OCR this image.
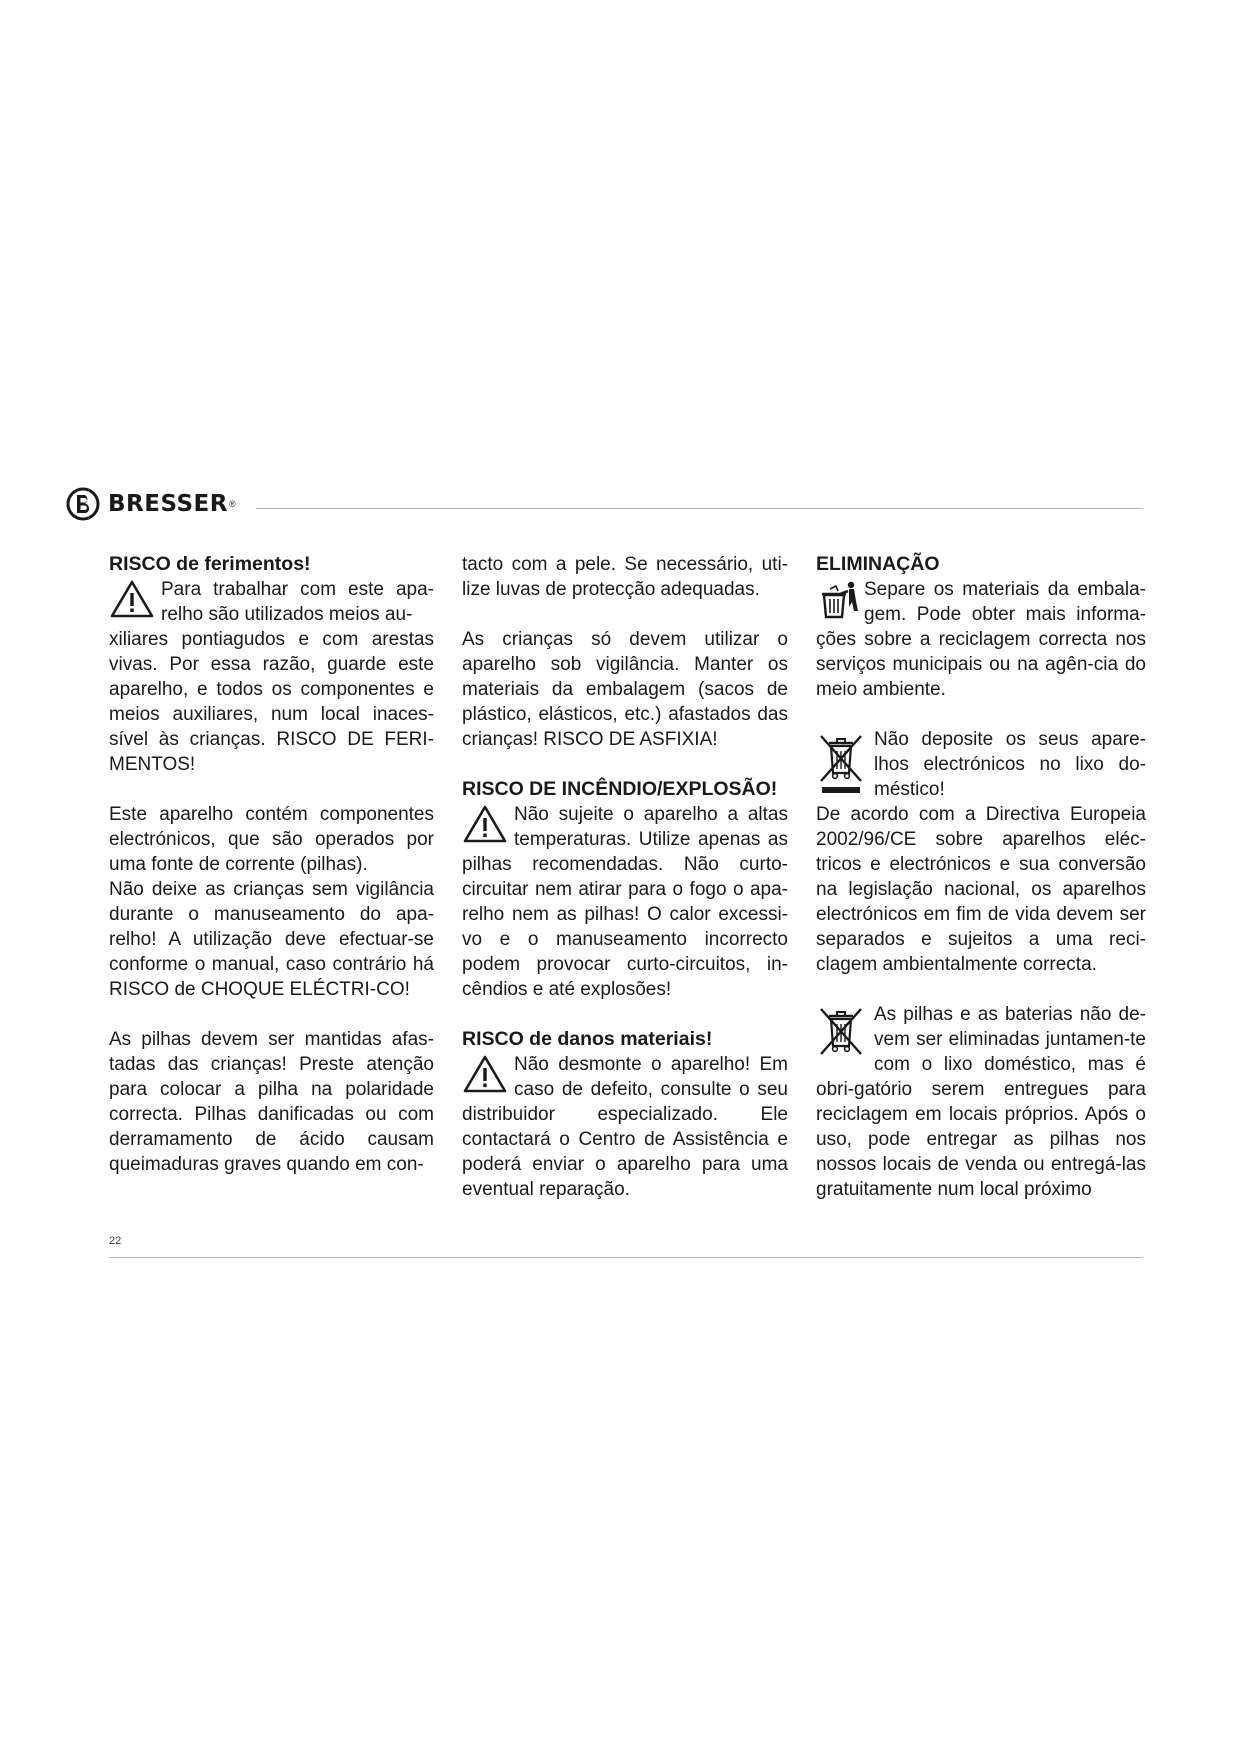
BRESSER ®

RISCO de ferimentos!

Para trabalhar com este apa-relho são utilizados meios au-

xiliares pontiagudos e com arestas vivas. Por essa razão, guarde este aparelho, e todos os componentes e meios auxiliares, num local inaces-sível às crianças. RISCO DE FERI-MENTOS!

Este aparelho contém componentes electrónicos, que são operados por uma fonte de corrente (pilhas).

Não deixe as crianças sem vigilância durante o manuseamento do apa-relho! A utilização deve efectuar-se conforme o manual, caso contrário há RISCO de CHOQUE ELÉCTRI-CO!

As pilhas devem ser mantidas afas-tadas das crianças! Preste atenção para colocar a pilha na polaridade correcta. Pilhas danificadas ou com derramamento de ácido causam queimaduras graves quando em con-

tacto com a pele. Se necessário, uti-lize luvas de protecção adequadas.

As crianças só devem utilizar o aparelho sob vigilância. Manter os materiais da embalagem (sacos de plástico, elásticos, etc.) afastados das crianças! RISCO DE ASFIXIA!

RISCO DE INCÊNDIO/EXPLOSÃO!

Não sujeite o aparelho a altas temperaturas. Utilize apenas as pilhas recomendadas. Não curto-circuitar nem atirar para o fogo o apa-relho nem as pilhas! O calor excessi-vo e o manuseamento incorrecto podem provocar curto-circuitos, in-cêndios e até explosões!

RISCO de danos materiais!

Não desmonte o aparelho! Em caso de defeito, consulte o seu distribuidor especializado. Ele contactará o Centro de Assistência e poderá enviar o aparelho para uma eventual reparação.

ELIMINAÇÃO

Separe os materiais da embala-gem. Pode obter mais informa-ções sobre a reciclagem correcta nos serviços municipais ou na agên-cia do meio ambiente.

Não deposite os seus apare-lhos electrónicos no lixo do-méstico!

De acordo com a Directiva Europeia 2002/96/CE sobre aparelhos eléc-tricos e electrónicos e sua conversão na legislação nacional, os aparelhos electrónicos em fim de vida devem ser separados e sujeitos a uma reci-clagem ambientalmente correcta.

As pilhas e as baterias não de-vem ser eliminadas juntamen-te com o lixo doméstico, mas é obri-gatório serem entregues para reciclagem em locais próprios. Após o uso, pode entregar as pilhas nos nossos locais de venda ou entregá-las gratuitamente num local próximo

22
